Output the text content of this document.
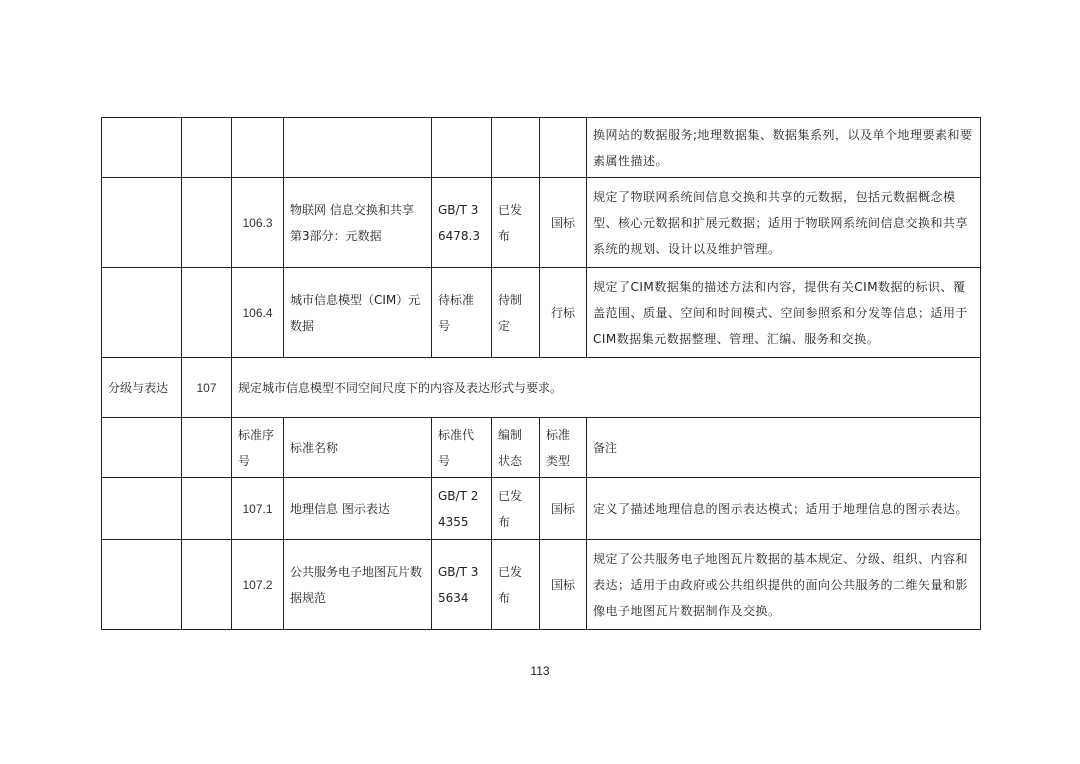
							换网站的数据服务;地理数据集、数据集系列，以及单个地理要素和要素属性描述。
		106.3	物联网 信息交换和共享 第3部分：元数据	GB/T 36478.3	已发布	国标	规定了物联网系统间信息交换和共享的元数据，包括元数据概念模型、核心元数据和扩展元数据；适用于物联网系统间信息交换和共享系统的规划、设计以及维护管理。
		106.4	城市信息模型（CIM）元数据	待标准号	待制定	行标	规定了CIM数据集的描述方法和内容，提供有关CIM数据的标识、覆盖范围、质量、空间和时间模式、空间参照系和分发等信息；适用于CIM数据集元数据整理、管理、汇编、服务和交换。
分级与表达	107	规定城市信息模型不同空间尺度下的内容及表达形式与要求。					
		标准序号	标准名称	标准代号	编制状态	标准类型	备注
		107.1	地理信息 图示表达	GB/T 24355	已发布	国标	定义了描述地理信息的图示表达模式；适用于地理信息的图示表达。
		107.2	公共服务电子地图瓦片数据规范	GB/T 35634	已发布	国标	规定了公共服务电子地图瓦片数据的基本规定、分级、组织、内容和表达；适用于由政府或公共组织提供的面向公共服务的二维矢量和影像电子地图瓦片数据制作及交换。
113
